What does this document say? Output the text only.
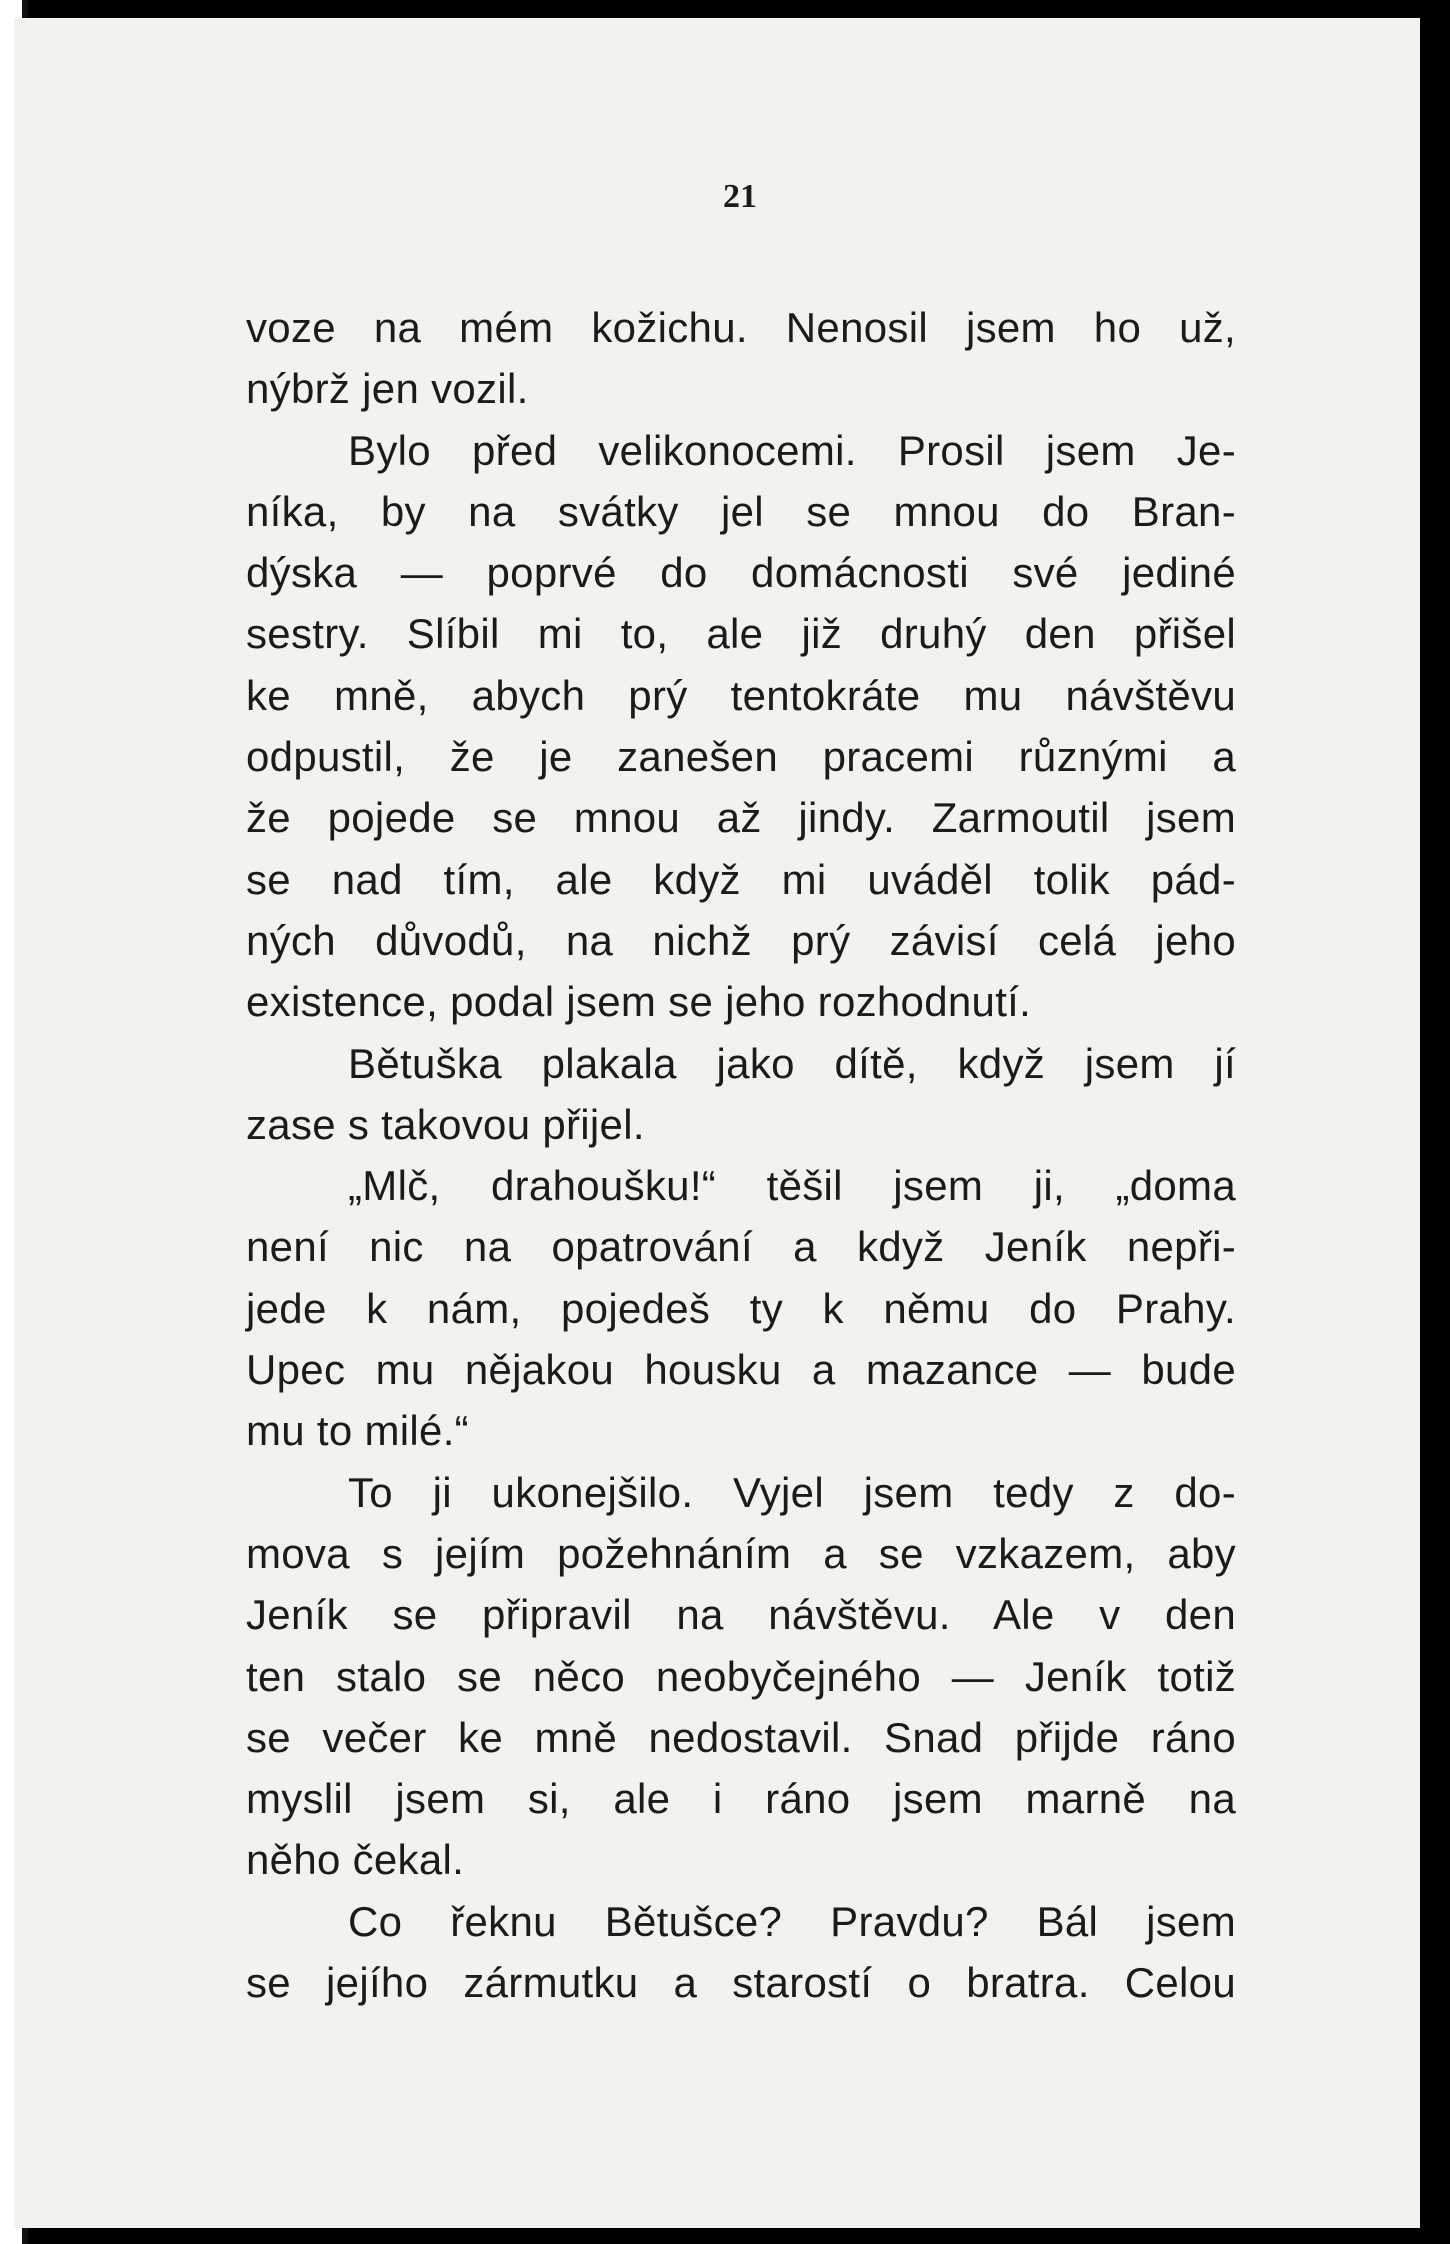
21
voze na mém kožichu. Nenosil jsem ho už,
nýbrž jen vozil.
Bylo před velikonocemi. Prosil jsem Je-
níka, by na svátky jel se mnou do Bran-
dýska — poprvé do domácnosti své jediné
sestry. Slíbil mi to, ale již druhý den přišel
ke mně, abych prý tentokráte mu návštěvu
odpustil, že je zanešen pracemi různými a
že pojede se mnou až jindy. Zarmoutil jsem
se nad tím, ale když mi uváděl tolik pád-
ných důvodů, na nichž prý závisí celá jeho
existence, podal jsem se jeho rozhodnutí.
Bětuška plakala jako dítě, když jsem jí
zase s takovou přijel.
„Mlč, drahoušku!“ těšil jsem ji, „doma
není nic na opatrování a když Jeník nepři-
jede k nám, pojedeš ty k němu do Prahy.
Upec mu nějakou housku a mazance — bude
mu to milé.“
To ji ukonejšilo. Vyjel jsem tedy z do-
mova s jejím požehnáním a se vzkazem, aby
Jeník se připravil na návštěvu. Ale v den
ten stalo se něco neobyčejného — Jeník totiž
se večer ke mně nedostavil. Snad přijde ráno
myslil jsem si, ale i ráno jsem marně na
něho čekal.
Co řeknu Bětušce? Pravdu? Bál jsem
se jejího zármutku a starostí o bratra. Celou
